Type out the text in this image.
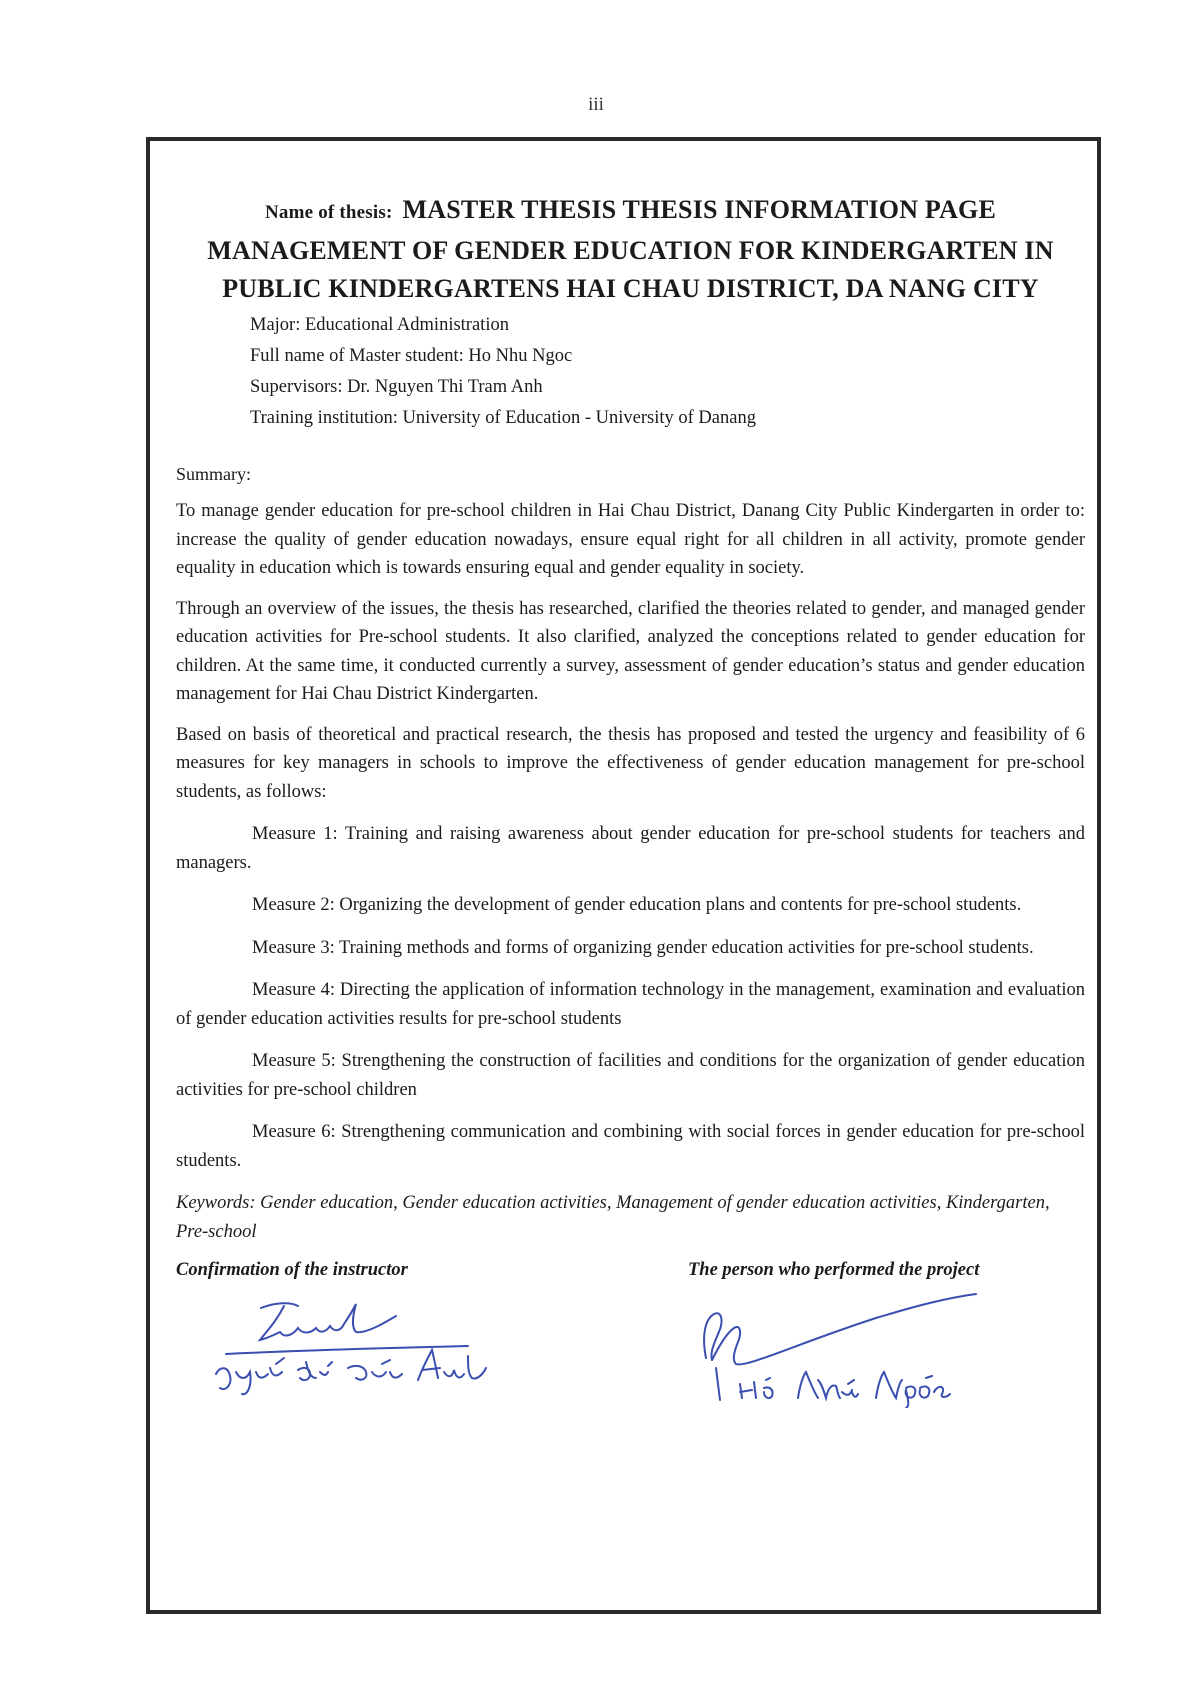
iii
Name of thesis: MASTER THESIS THESIS INFORMATION PAGE
MANAGEMENT OF GENDER EDUCATION FOR KINDERGARTEN IN
PUBLIC KINDERGARTENS HAI CHAU DISTRICT, DA NANG CITY
Major: Educational Administration
Full name of Master student: Ho Nhu Ngoc
Supervisors: Dr. Nguyen Thi Tram Anh
Training institution: University of Education - University of Danang
Summary:
To manage gender education for pre-school children in Hai Chau District, Danang City Public Kindergarten in order to: increase the quality of gender education nowadays, ensure equal right for all children in all activity, promote gender equality in education which is towards ensuring equal and gender equality in society.
Through an overview of the issues, the thesis has researched, clarified the theories related to gender, and managed gender education activities for Pre-school students. It also clarified, analyzed the conceptions related to gender education for children. At the same time, it conducted currently a survey, assessment of gender education’s status and gender education management for Hai Chau District Kindergarten.
Based on basis of theoretical and practical research, the thesis has proposed and tested the urgency and feasibility of 6 measures for key managers in schools to improve the effectiveness of gender education management for pre-school students, as follows:
Measure 1: Training and raising awareness about gender education for pre-school students for teachers and managers.
Measure 2: Organizing the development of gender education plans and contents for pre-school students.
Measure 3: Training methods and forms of organizing gender education activities for pre-school students.
Measure 4: Directing the application of information technology in the management, examination and evaluation of gender education activities results for pre-school students
Measure 5: Strengthening the construction of facilities and conditions for the organization of gender education activities for pre-school children
Measure 6: Strengthening communication and combining with social forces in gender education for pre-school students.
Keywords: Gender education, Gender education activities, Management of gender education activities, Kindergarten, Pre-school
Confirmation of the instructor	The person who performed the project
